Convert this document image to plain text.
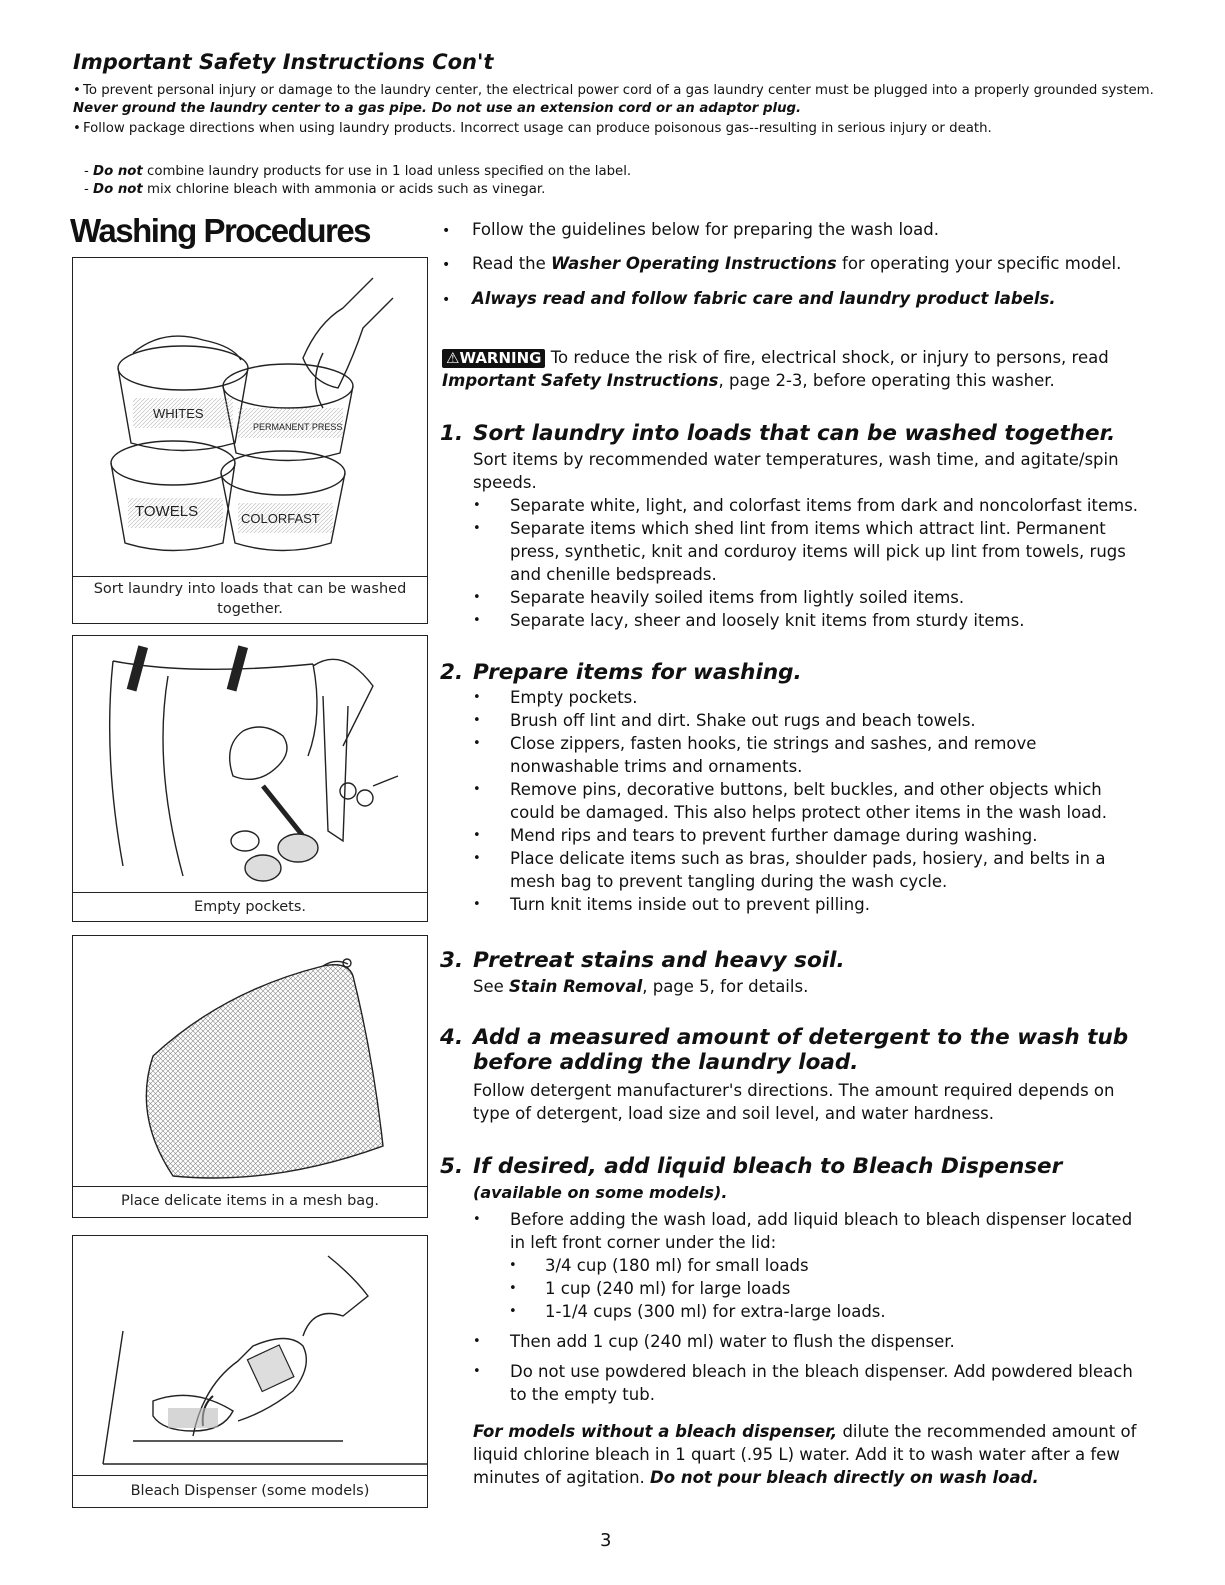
Important Safety Instructions Con't
• To prevent personal injury or damage to the laundry center, the electrical power cord of a gas laundry center must be plugged into a properly grounded system. Never ground the laundry center to a gas pipe. Do not use an extension cord or an adaptor plug.
• Follow package directions when using laundry products. Incorrect usage can produce poisonous gas--resulting in serious injury or death.
- Do not combine laundry products for use in 1 load unless specified on the label.
- Do not mix chlorine bleach with ammonia or acids such as vinegar.
Washing Procedures	• Follow the guidelines below for preparing the wash load.
• Read the Washer Operating Instructions for operating your specific model.
• Always read and follow fabric care and laundry product labels.
⚠WARNING To reduce the risk of fire, electrical shock, or injury to persons, read Important Safety Instructions, page 2-3, before operating this washer.
1. Sort laundry into loads that can be washed together.
Sort items by recommended water temperatures, wash time, and agitate/spin speeds.
• Separate white, light, and colorfast items from dark and noncolorfast items.
• Separate items which shed lint from items which attract lint. Permanent press, synthetic, knit and corduroy items will pick up lint from towels, rugs and chenille bedspreads.
• Separate heavily soiled items from lightly soiled items.
• Separate lacy, sheer and loosely knit items from sturdy items.
2. Prepare items for washing.
• Empty pockets.
• Brush off lint and dirt. Shake out rugs and beach towels.
• Close zippers, fasten hooks, tie strings and sashes, and remove nonwashable trims and ornaments.
• Remove pins, decorative buttons, belt buckles, and other objects which could be damaged. This also helps protect other items in the wash load.
• Mend rips and tears to prevent further damage during washing.
• Place delicate items such as bras, shoulder pads, hosiery, and belts in a mesh bag to prevent tangling during the wash cycle.
• Turn knit items inside out to prevent pilling.
3. Pretreat stains and heavy soil.
See Stain Removal, page 5, for details.
4. Add a measured amount of detergent to the wash tub before adding the laundry load.
Follow detergent manufacturer's directions. The amount required depends on type of detergent, load size and soil level, and water hardness.
5. If desired, add liquid bleach to Bleach Dispenser (available on some models).
• Before adding the wash load, add liquid bleach to bleach dispenser located in left front corner under the lid:
• 3/4 cup (180 ml) for small loads
• 1 cup (240 ml) for large loads
• 1-1/4 cups (300 ml) for extra-large loads.
• Then add 1 cup (240 ml) water to flush the dispenser.
• Do not use powdered bleach in the bleach dispenser. Add powdered bleach to the empty tub.
For models without a bleach dispenser, dilute the recommended amount of liquid chlorine bleach in 1 quart (.95 L) water. Add it to wash water after a few minutes of agitation. Do not pour bleach directly on wash load.
WHITES
PERMANENT PRESS
TOWELS	COLORFAST
Sort laundry into loads that can be washed together.
Empty pockets.
Place delicate items in a mesh bag.
Bleach Dispenser (some models)
3
